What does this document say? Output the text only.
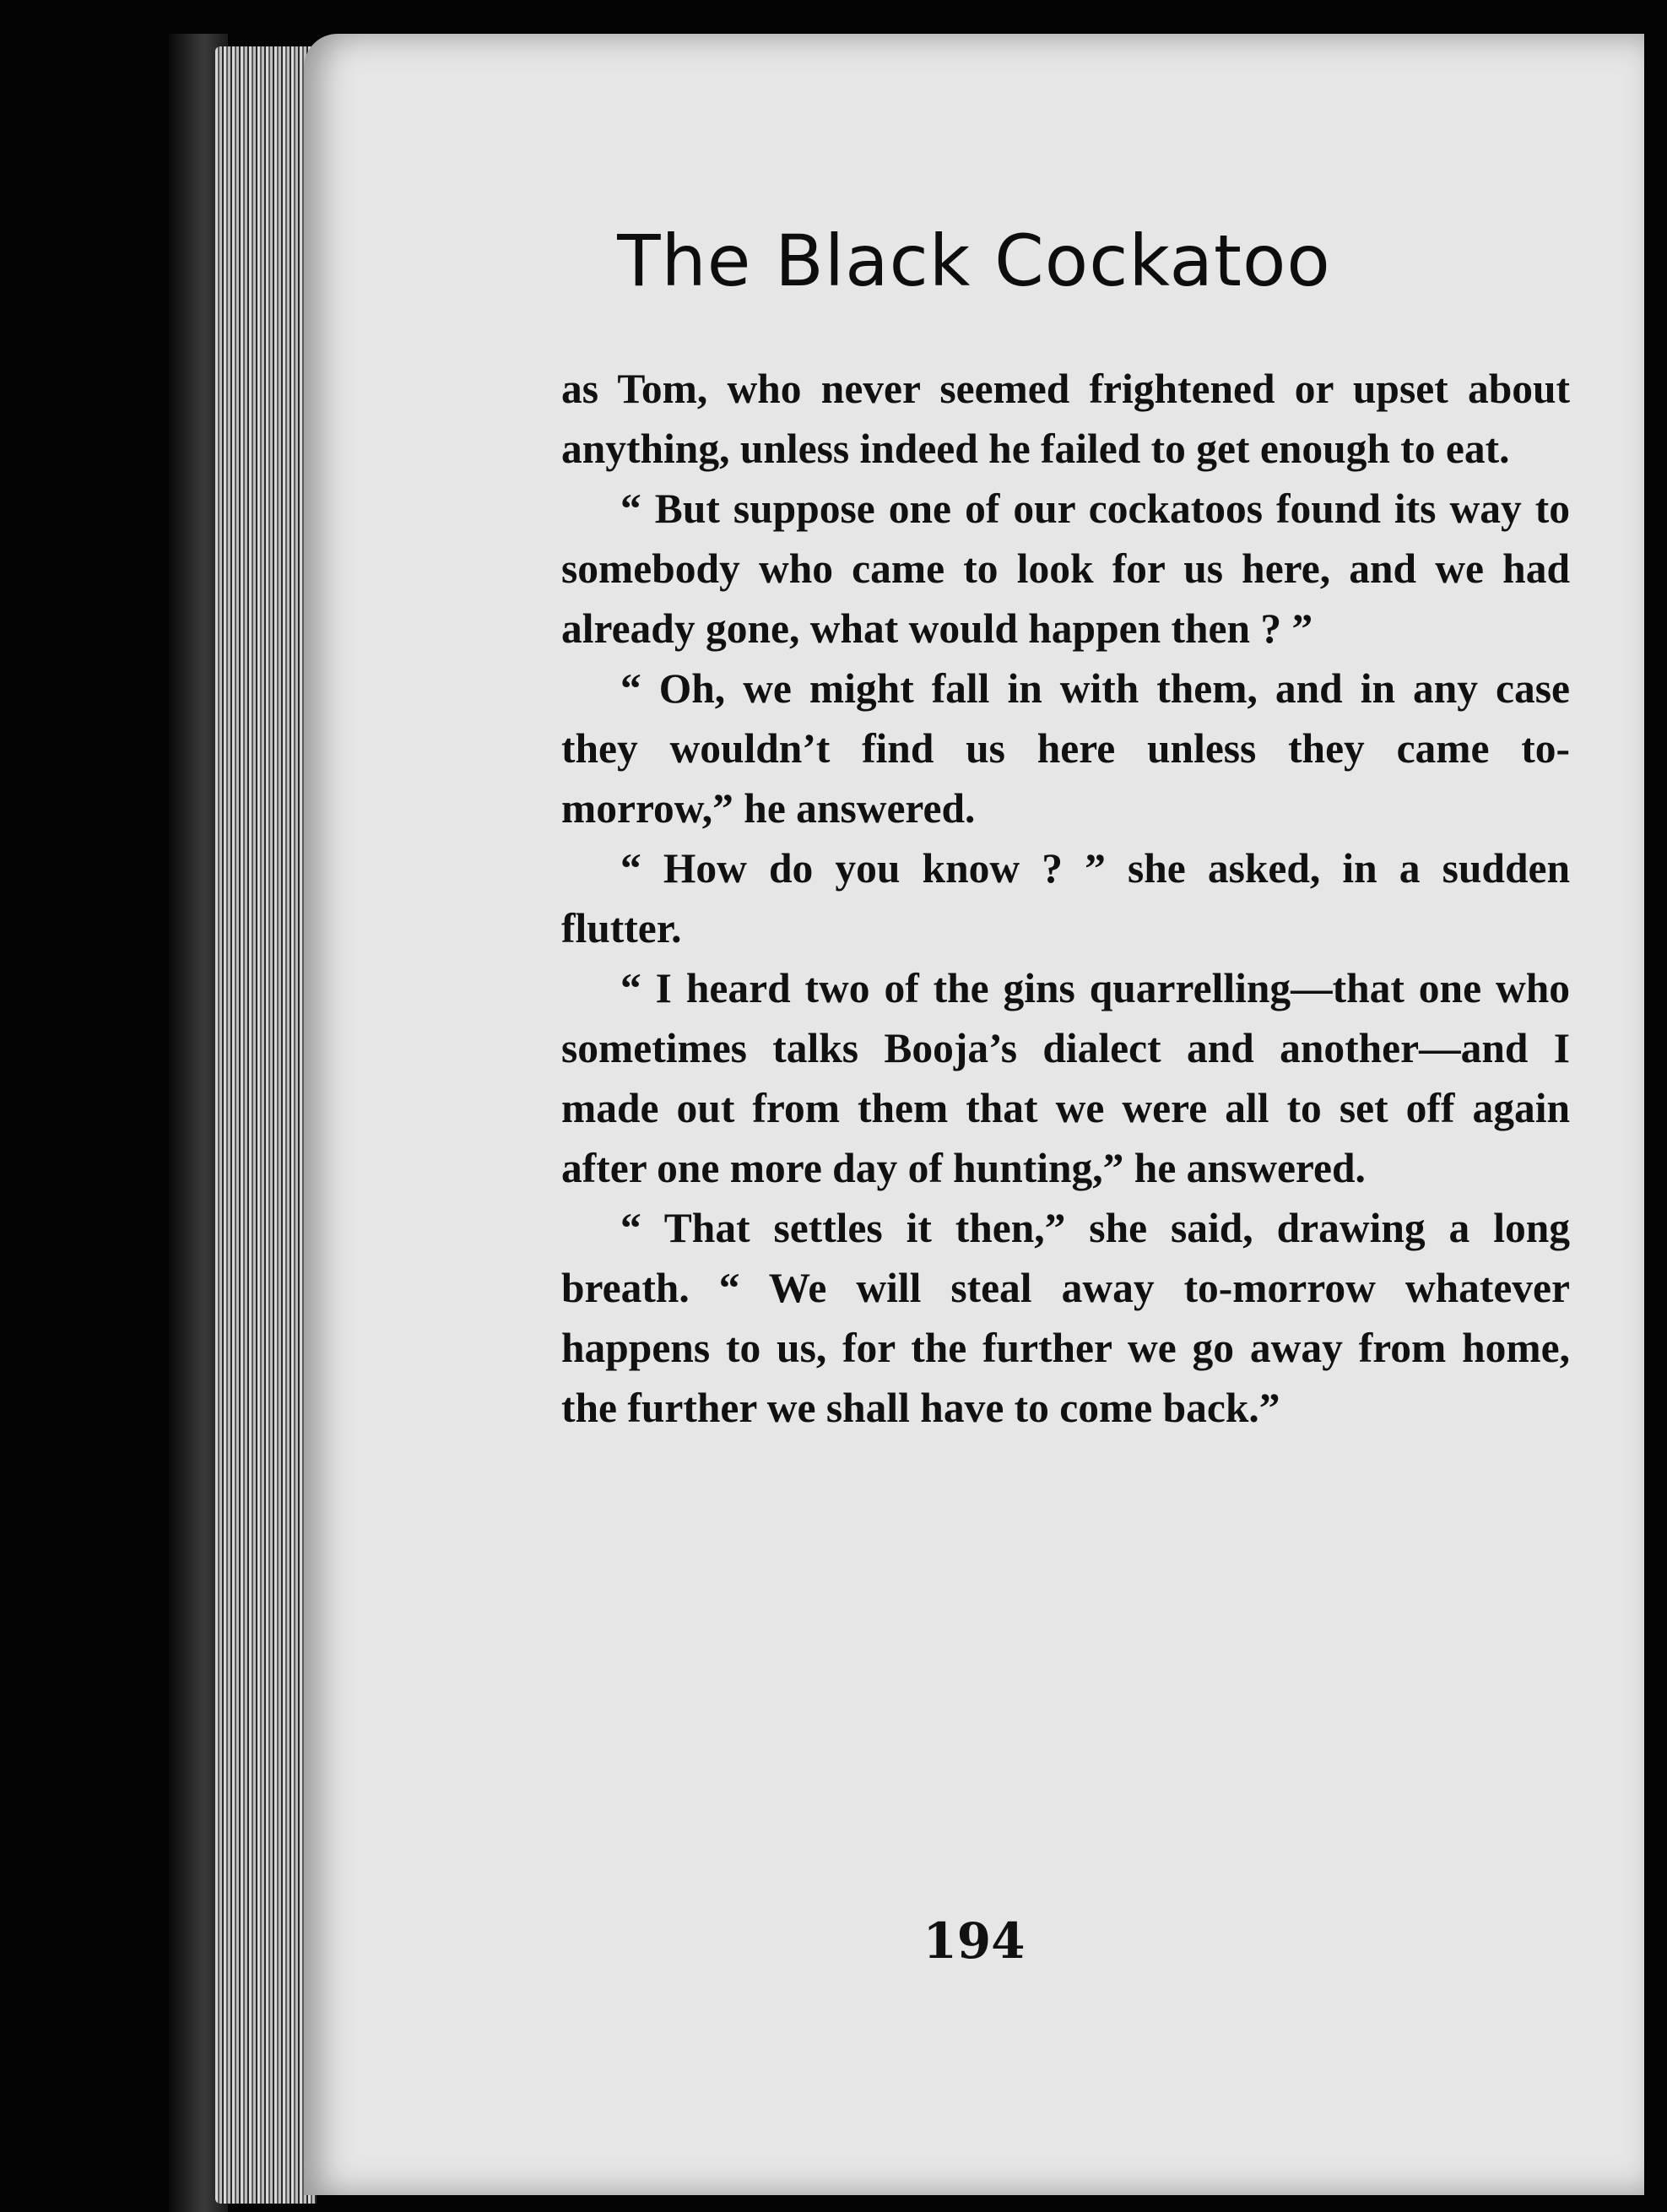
The Black Cockatoo

as Tom, who never seemed frightened or upset about anything, unless indeed he failed to get enough to eat.

“ But suppose one of our cockatoos found its way to somebody who came to look for us here, and we had already gone, what would happen then ? ”

“ Oh, we might fall in with them, and in any case they wouldn’t find us here unless they came to-morrow,” he answered.

“ How do you know ? ” she asked, in a sudden flutter.

“ I heard two of the gins quarrelling—that one who sometimes talks Booja’s dialect and another—and I made out from them that we were all to set off again after one more day of hunting,” he answered.

“ That settles it then,” she said, drawing a long breath. “ We will steal away to-morrow whatever happens to us, for the further we go away from home, the further we shall have to come back.”

194
